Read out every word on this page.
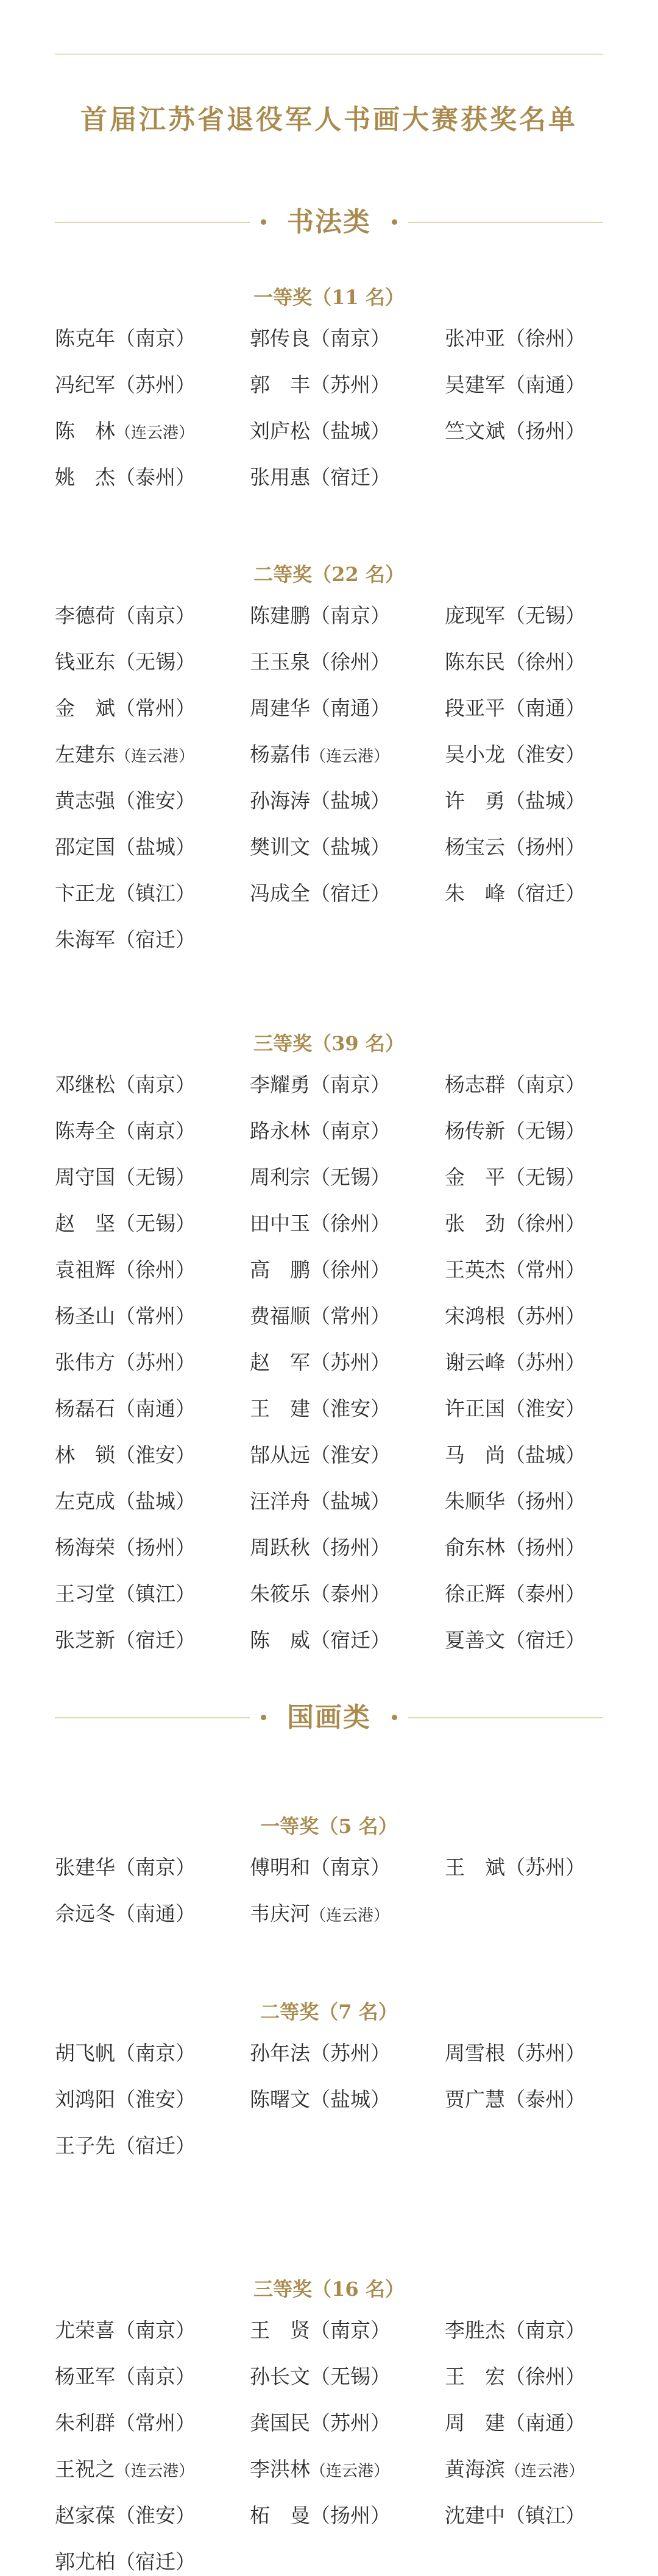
首届江苏省退役军人书画大赛获奖名单
书法类
一等奖（11 名）
陈克年（南京）	郭传良（南京）	张冲亚（徐州）
冯纪军（苏州）	郭　丰（苏州）	吴建军（南通）
陈　林（连云港）	刘庐松（盐城）	竺文斌（扬州）
姚　杰（泰州）	张用惠（宿迁）
二等奖（22 名）
李德荷（南京）	陈建鹏（南京）	庞现军（无锡）
钱亚东（无锡）	王玉泉（徐州）	陈东民（徐州）
金　斌（常州）	周建华（南通）	段亚平（南通）
左建东（连云港）	杨嘉伟（连云港）	吴小龙（淮安）
黄志强（淮安）	孙海涛（盐城）	许　勇（盐城）
邵定国（盐城）	樊训文（盐城）	杨宝云（扬州）
卞正龙（镇江）	冯成全（宿迁）	朱　峰（宿迁）
朱海军（宿迁）
三等奖（39 名）
邓继松（南京）	李耀勇（南京）	杨志群（南京）
陈寿全（南京）	路永林（南京）	杨传新（无锡）
周守国（无锡）	周利宗（无锡）	金　平（无锡）
赵　坚（无锡）	田中玉（徐州）	张　劲（徐州）
袁祖辉（徐州）	高　鹏（徐州）	王英杰（常州）
杨圣山（常州）	费福顺（常州）	宋鸿根（苏州）
张伟方（苏州）	赵　军（苏州）	谢云峰（苏州）
杨磊石（南通）	王　建（淮安）	许正国（淮安）
林　锁（淮安）	郜从远（淮安）	马　尚（盐城）
左克成（盐城）	汪洋舟（盐城）	朱顺华（扬州）
杨海荣（扬州）	周跃秋（扬州）	俞东林（扬州）
王习堂（镇江）	朱筱乐（泰州）	徐正辉（泰州）
张芝新（宿迁）	陈　威（宿迁）	夏善文（宿迁）
国画类
一等奖（5 名）
张建华（南京）	傅明和（南京）	王　斌（苏州）
佘远冬（南通）	韦庆河（连云港）
二等奖（7 名）
胡飞帆（南京）	孙年法（苏州）	周雪根（苏州）
刘鸿阳（淮安）	陈曙文（盐城）	贾广慧（泰州）
王子先（宿迁）
三等奖（16 名）
尤荣喜（南京）	王　贤（南京）	李胜杰（南京）
杨亚军（南京）	孙长文（无锡）	王　宏（徐州）
朱利群（常州）	龚国民（苏州）	周　建（南通）
王祝之（连云港）	李洪林（连云港）	黄海滨（连云港）
赵家葆（淮安）	柘　曼（扬州）	沈建中（镇江）
郭尤柏（宿迁）
